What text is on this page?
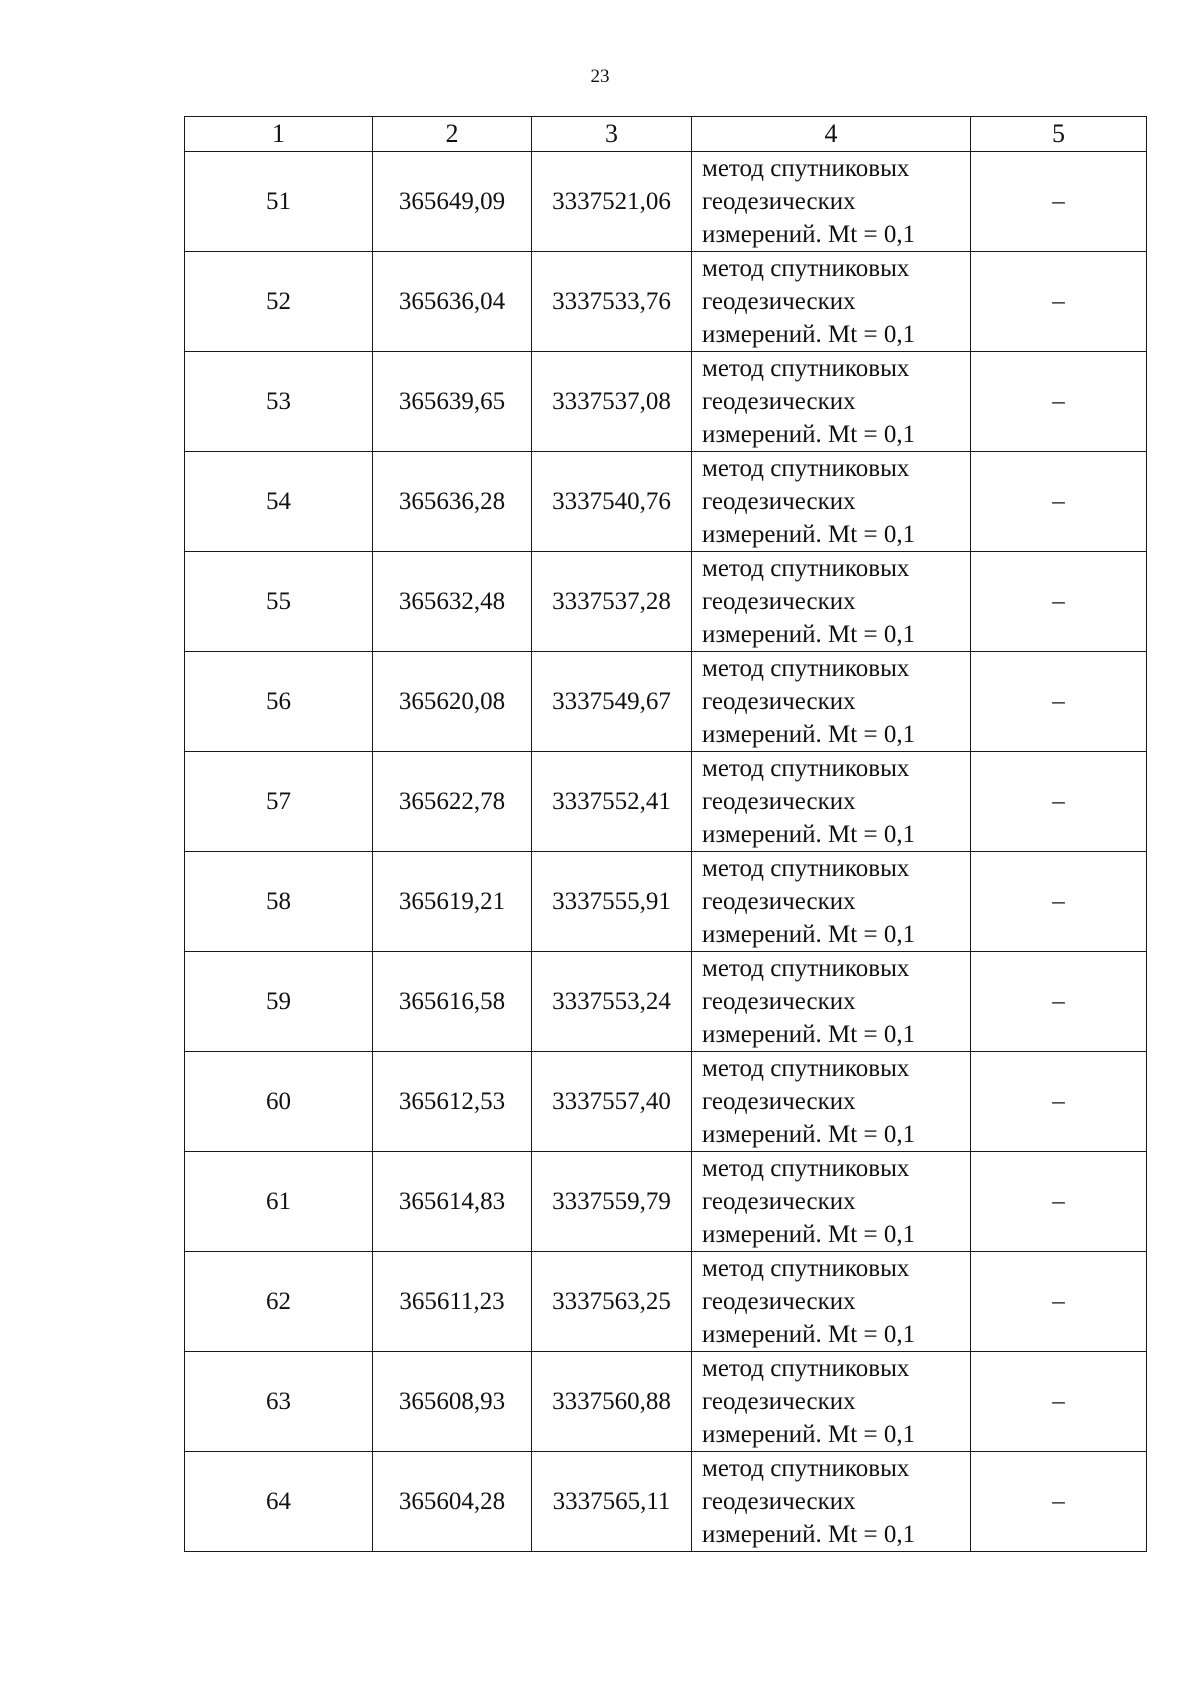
23
1	2	3	4	5
51	365649,09	3337521,06	метод спутниковых
геодезических
измерений. Mt = 0,1	–
52	365636,04	3337533,76	метод спутниковых
геодезических
измерений. Mt = 0,1	–
53	365639,65	3337537,08	метод спутниковых
геодезических
измерений. Mt = 0,1	–
54	365636,28	3337540,76	метод спутниковых
геодезических
измерений. Mt = 0,1	–
55	365632,48	3337537,28	метод спутниковых
геодезических
измерений. Mt = 0,1	–
56	365620,08	3337549,67	метод спутниковых
геодезических
измерений. Mt = 0,1	–
57	365622,78	3337552,41	метод спутниковых
геодезических
измерений. Mt = 0,1	–
58	365619,21	3337555,91	метод спутниковых
геодезических
измерений. Mt = 0,1	–
59	365616,58	3337553,24	метод спутниковых
геодезических
измерений. Mt = 0,1	–
60	365612,53	3337557,40	метод спутниковых
геодезических
измерений. Mt = 0,1	–
61	365614,83	3337559,79	метод спутниковых
геодезических
измерений. Mt = 0,1	–
62	365611,23	3337563,25	метод спутниковых
геодезических
измерений. Mt = 0,1	–
63	365608,93	3337560,88	метод спутниковых
геодезических
измерений. Mt = 0,1	–
64	365604,28	3337565,11	метод спутниковых
геодезических
измерений. Mt = 0,1	–
